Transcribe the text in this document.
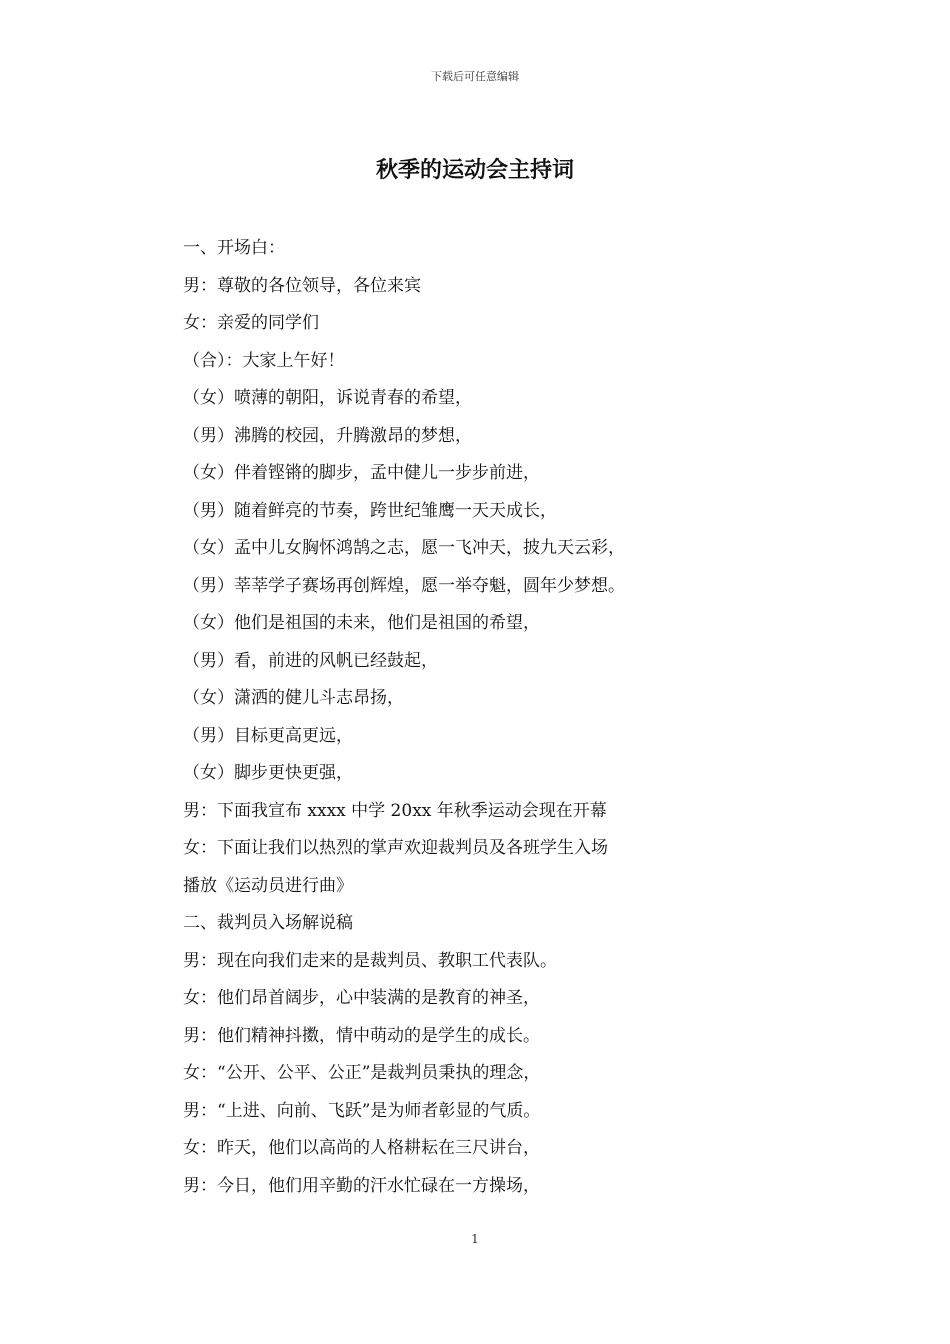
下载后可任意编辑
秋季的运动会主持词
一、开场白：
男：尊敬的各位领导，各位来宾
女：亲爱的同学们
（合）：大家上午好！
（女）喷薄的朝阳，诉说青春的希望，
（男）沸腾的校园，升腾激昂的梦想，
（女）伴着铿锵的脚步，孟中健儿一步步前进，
（男）随着鲜亮的节奏，跨世纪雏鹰一天天成长，
（女）孟中儿女胸怀鸿鹄之志，愿一飞冲天，披九天云彩，
（男）莘莘学子赛场再创辉煌，愿一举夺魁，圆年少梦想。
（女）他们是祖国的未来，他们是祖国的希望，
（男）看，前进的风帆已经鼓起，
（女）潇洒的健儿斗志昂扬，
（男）目标更高更远，
（女）脚步更快更强，
男：下面我宣布 xxxx 中学 20xx 年秋季运动会现在开幕
女：下面让我们以热烈的掌声欢迎裁判员及各班学生入场
播放《运动员进行曲》
二、裁判员入场解说稿
男：现在向我们走来的是裁判员、教职工代表队。
女：他们昂首阔步，心中装满的是教育的神圣，
男：他们精神抖擞，情中萌动的是学生的成长。
女：“公开、公平、公正”是裁判员秉执的理念，
男：“上进、向前、飞跃”是为师者彰显的气质。
女：昨天，他们以高尚的人格耕耘在三尺讲台，
男：今日，他们用辛勤的汗水忙碌在一方操场，
1
